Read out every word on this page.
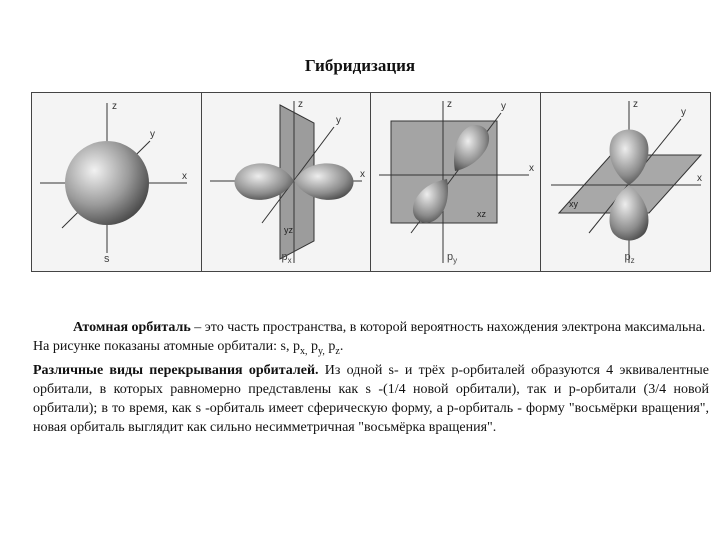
Гибридизация
z
y
x
s
z
y
x
yz
$p_x$
z	y
x
xz
$p_y$
z
y
x
xy
$p_z$

Атомная орбиталь – это часть пространства, в которой вероятность нахождения электрона максимальна.

На рисунке показаны атомные орбитали: s, $p_{x,}$ $p_{y,}$ $p_z$.

Различные виды перекрывания орбиталей. Из одной s- и трёх p-орбиталей образуются 4 эквивалентные орбитали, в которых равномерно представлены как s -(1/4 новой орбитали), так и p-орбитали (3/4 новой орбитали); в то время, как s -орбиталь имеет сферическую форму, а p-орбиталь - форму "восьмёрки вращения", новая орбиталь выглядит как сильно несимметричная "восьмёрка вращения".
